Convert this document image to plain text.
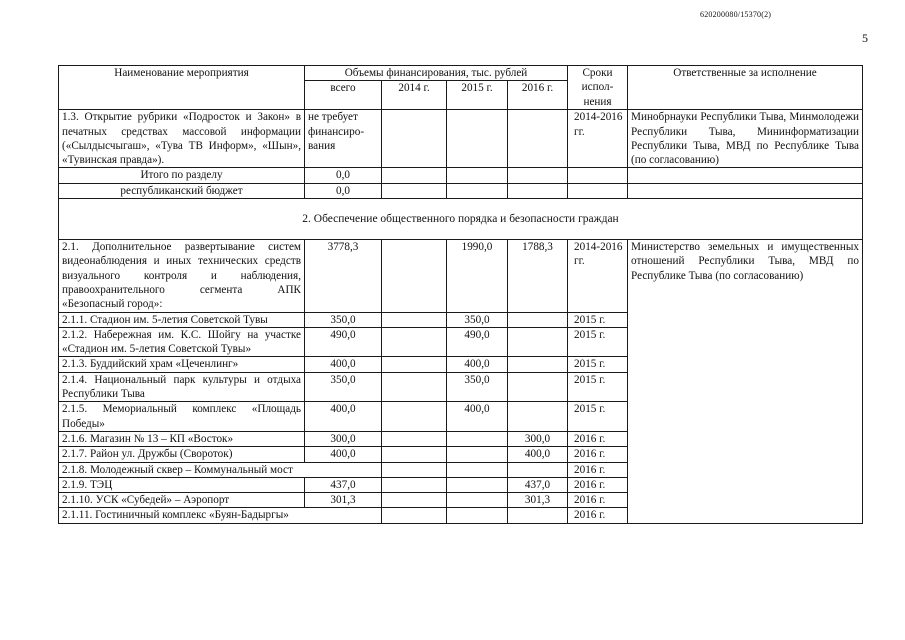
620200080/15370(2)
5
Наименование мероприятия	Объемы финансирования, тыс. рублей				Сроки испол-нения	Ответственные за исполнение
	всего	2014 г.	2015 г.	2016 г.		
1.3. Открытие рубрики «Подросток и Закон» в печатных средствах массовой информации («Сылдысчыгаш», «Тува ТВ Информ», «Шын», «Тувинская правда»).	не требует финансиро-вания				2014-2016 гг.	Минобрнауки Республики Тыва, Минмолодежи Республики Тыва, Мининформатизации Республики Тыва, МВД по Республике Тыва (по согласованию)
Итого по разделу	0,0					
республиканский бюджет	0,0					
2. Обеспечение общественного порядка и безопасности граждан						
2.1. Дополнительное развертывание систем видеонаблюдения и иных технических средств визуального контроля и наблюдения, правоохранительного сегмента АПК «Безопасный город»:	3778,3		1990,0	1788,3	2014-2016 гг.	Министерство земельных и имущественных отношений Республики Тыва, МВД по Республике Тыва (по согласованию)
2.1.1. Стадион им. 5-летия Советской Тувы	350,0		350,0		2015 г.	
2.1.2. Набережная им. К.С. Шойгу на участке «Стадион им. 5-летия Советской Тувы»	490,0		490,0		2015 г.	
2.1.3. Буддийский храм «Цеченлинг»	400,0		400,0		2015 г.	
2.1.4. Национальный парк культуры и отдыха Республики Тыва	350,0		350,0		2015 г.	
2.1.5. Мемориальный комплекс «Площадь Победы»	400,0		400,0		2015 г.	
2.1.6. Магазин № 13 – КП «Восток»	300,0			300,0	2016 г.	
2.1.7. Район ул. Дружбы (Свороток)	400,0			400,0	2016 г.	
2.1.8. Молодежный сквер – Коммунальный мост					2016 г.	
2.1.9. ТЭЦ	437,0			437,0	2016 г.	
2.1.10. УСК «Субедей» – Аэропорт	301,3			301,3	2016 г.	
2.1.11. Гостиничный комплекс «Буян-Бадыргы»					2016 г.	
